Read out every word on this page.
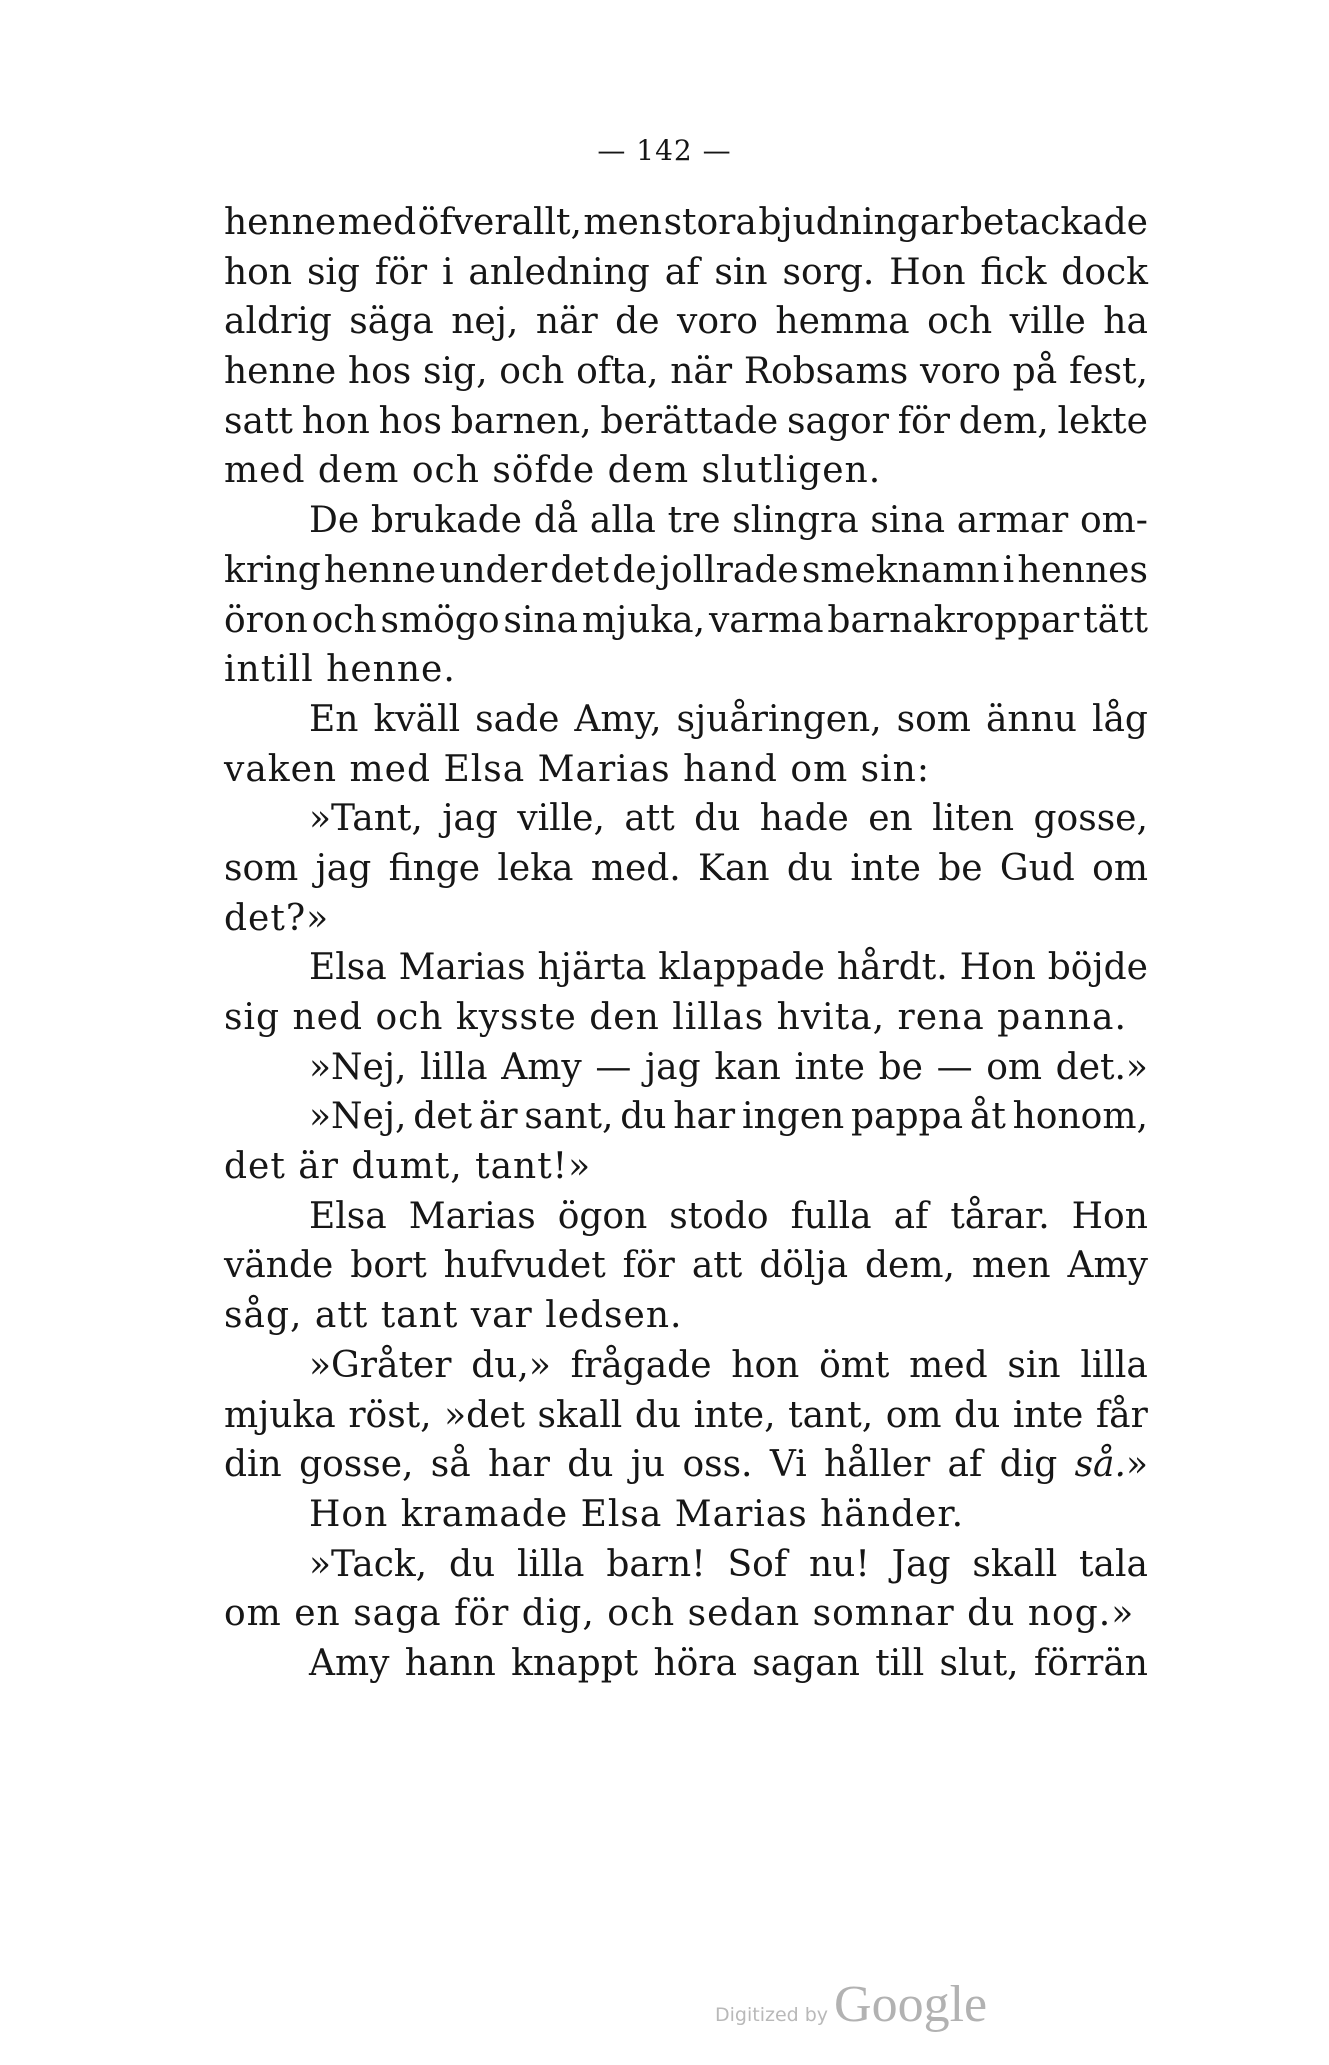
— 142 —
henne med öfverallt, men stora bjudningar betackade
hon sig för i anledning af sin sorg. Hon fick dock
aldrig säga nej, när de voro hemma och ville ha
henne hos sig, och ofta, när Robsams voro på fest,
satt hon hos barnen, berättade sagor för dem, lekte
med dem och söfde dem slutligen.
De brukade då alla tre slingra sina armar om-
kring henne under det de jollrade smeknamn i hennes
öron och smögo sina mjuka, varma barnakroppar tätt
intill henne.
En kväll sade Amy, sjuåringen, som ännu låg
vaken med Elsa Marias hand om sin:
»Tant, jag ville, att du hade en liten gosse,
som jag finge leka med. Kan du inte be Gud om
det?»
Elsa Marias hjärta klappade hårdt. Hon böjde
sig ned och kysste den lillas hvita, rena panna.
»Nej, lilla Amy — jag kan inte be — om det.»
»Nej, det är sant, du har ingen pappa åt honom,
det är dumt, tant!»
Elsa Marias ögon stodo fulla af tårar. Hon
vände bort hufvudet för att dölja dem, men Amy
såg, att tant var ledsen.
»Gråter du,» frågade hon ömt med sin lilla
mjuka röst, »det skall du inte, tant, om du inte får
din gosse, så har du ju oss. Vi håller af dig så.»
Hon kramade Elsa Marias händer.
»Tack, du lilla barn! Sof nu! Jag skall tala
om en saga för dig, och sedan somnar du nog.»
Amy hann knappt höra sagan till slut, förrän
Digitized by Google
